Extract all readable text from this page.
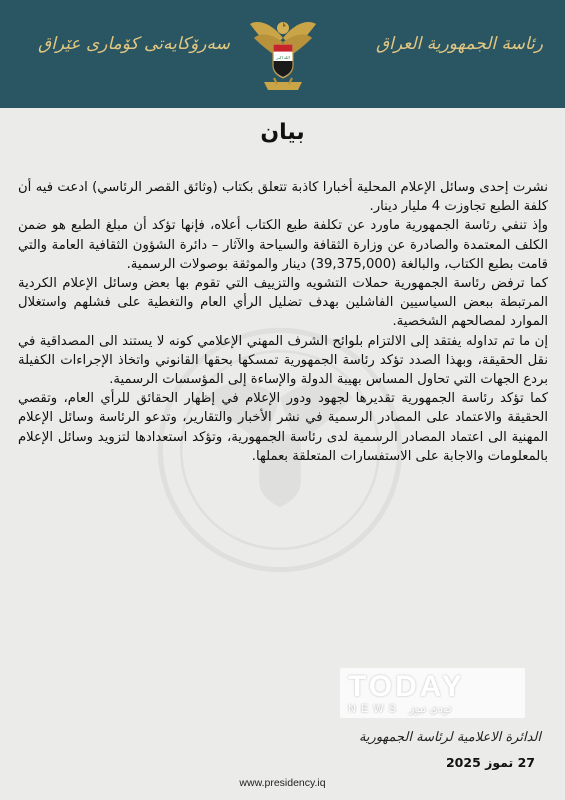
سەرۆکایەتی کۆماری عێراق
الله اكبر
رئاسة الجمهورية العراق
بيان

نشرت إحدى وسائل الإعلام المحلية أخبارا كاذبة تتعلق بكتاب (وثائق القصر الرئاسي) ادعت فيه أن كلفة الطبع تجاوزت 4 مليار دينار.

وإذ تنفي رئاسة الجمهورية ماورد عن تكلفة طبع الكتاب أعلاه، فإنها تؤكد أن مبلغ الطبع هو ضمن الكلف المعتمدة والصادرة عن وزارة الثقافة والسياحة والآثار – دائرة الشؤون الثقافية العامة والتي قامت بطبع الكتاب، والبالغة (39,375,000) دينار والموثقة بوصولات الرسمية.

كما ترفض رئاسة الجمهورية حملات التشويه والتزييف التي تقوم بها بعض وسائل الإعلام الكردية المرتبطة ببعض السياسيين الفاشلين بهدف تضليل الرأي العام والتغطية على فشلهم واستغلال الموارد لمصالحهم الشخصية.

إن ما تم تداوله يفتقد إلى الالتزام بلوائح الشرف المهني الإعلامي كونه لا يستند الى المصداقية في نقل الحقيقة، وبهذا الصدد تؤكد رئاسة الجمهورية تمسكها بحقها القانوني واتخاذ الإجراءات الكفيلة بردع الجهات التي تحاول المساس بهيبة الدولة والإساءة إلى المؤسسات الرسمية.

كما تؤكد رئاسة الجمهورية تقديرها لجهود ودور الإعلام في إظهار الحقائق للرأي العام، وتقصي الحقيقة والاعتماد على المصادر الرسمية في نشر الأخبار والتقارير، وتدعو الرئاسة وسائل الإعلام المهنية الى اعتماد المصادر الرسمية لدى رئاسة الجمهورية، وتؤكد استعدادها لتزويد وسائل الإعلام بالمعلومات والاجابة على الاستفسارات المتعلقة بعملها.

TODAY
NEWS تودي نيوز
الدائرة الاعلامية لرئاسة الجمهورية
27 تموز 2025
www.presidency.iq
